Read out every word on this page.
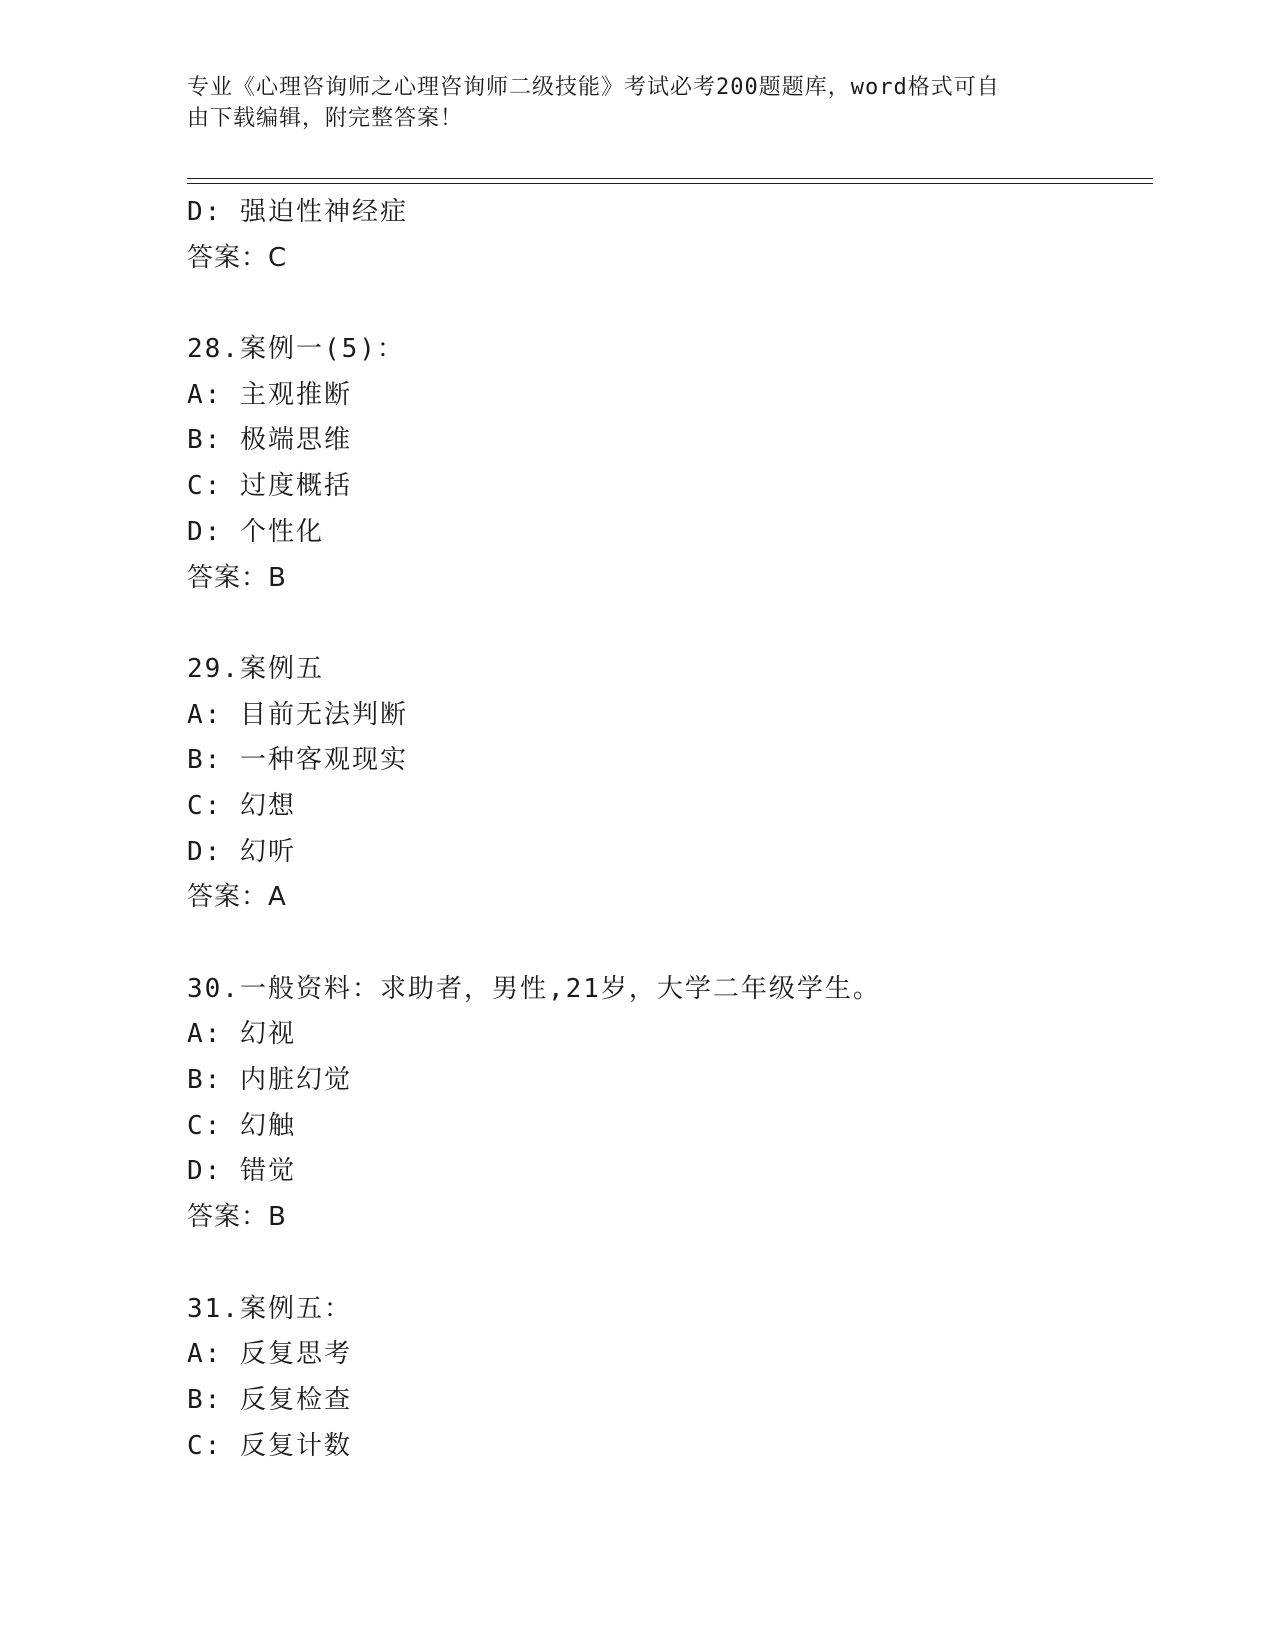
专业《心理咨询师之心理咨询师二级技能》考试必考200题题库，word格式可自
由下载编辑，附完整答案！
D: 强迫性神经症
答案：C
28.案例一(5)：
A: 主观推断
B: 极端思维
C: 过度概括
D: 个性化
答案：B
29.案例五
A: 目前无法判断
B: 一种客观现实
C: 幻想
D: 幻听
答案：A
30.一般资料：求助者，男性,21岁，大学二年级学生。
A: 幻视
B: 内脏幻觉
C: 幻触
D: 错觉
答案：B
31.案例五：
A: 反复思考
B: 反复检查
C: 反复计数
